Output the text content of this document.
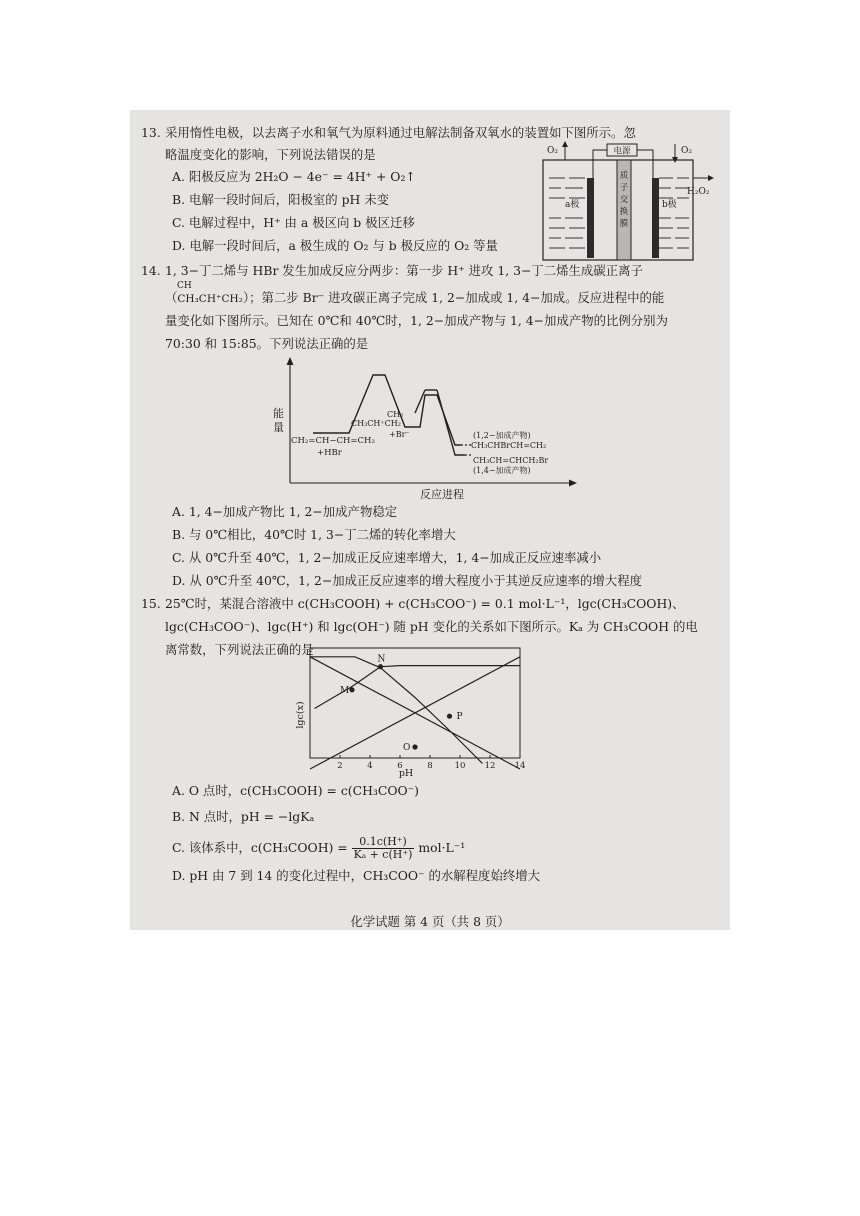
13. 采用惰性电极，以去离子水和氧气为原料通过电解法制备双氧水的装置如下图所示。忽
略温度变化的影响，下列说法错误的是
A. 阳极反应为 2H₂O − 4e⁻ = 4H⁺ + O₂↑
B. 电解一段时间后，阳极室的 pH 未变
C. 电解过程中，H⁺ 由 a 极区向 b 极区迁移
D. 电解一段时间后，a 极生成的 O₂ 与 b 极反应的 O₂ 等量
电源
O₂	O₂
H₂O₂
a极	b极
质
子
交
换
膜
14. 1, 3−丁二烯与 HBr 发生加成反应分两步：第一步 H⁺ 进攻 1, 3−丁二烯生成碳正离子
CH
（CH₃CH⁺CH₂）；第二步 Br⁻ 进攻碳正离子完成 1, 2−加成或 1, 4−加成。反应进程中的能
量变化如下图所示。已知在 0℃和 40℃时，1, 2−加成产物与 1, 4−加成产物的比例分别为
70:30 和 15:85。下列说法正确的是
能
量
反应进程
CH₂=CH−CH=CH₂
+HBr
CH₂
CH₃CH⁺CH₂
+Br⁻	(1,2−加成产物)
CH₃CHBrCH=CH₂
CH₃CH=CHCH₂Br
(1,4−加成产物)
A. 1, 4−加成产物比 1, 2−加成产物稳定
B. 与 0℃相比，40℃时 1, 3−丁二烯的转化率增大
C. 从 0℃升至 40℃，1, 2−加成正反应速率增大，1, 4−加成正反应速率减小
D. 从 0℃升至 40℃，1, 2−加成正反应速率的增大程度小于其逆反应速率的增大程度
15. 25℃时，某混合溶液中 c(CH₃COOH) + c(CH₃COO⁻) = 0.1 mol·L⁻¹，lgc(CH₃COOH)、
lgc(CH₃COO⁻)、lgc(H⁺) 和 lgc(OH⁻) 随 pH 变化的关系如下图所示。Kₐ 为 CH₃COOH 的电
离常数，下列说法正确的是
lgc(x)
pH
2	4	6	8	10 12 14
M
N
O
P
A. O 点时，c(CH₃COOH) = c(CH₃COO⁻)
B. N 点时，pH = −lgKₐ
C. 该体系中，c(CH₃COOH) = $\frac{0.1c(H^+)}{\text{Kₐ + c(H⁺)}} mol\cdot L^{-1}$
D. pH 由 7 到 14 的变化过程中，CH₃COO⁻ 的水解程度始终增大
化学试题 第 4 页（共 8 页）
